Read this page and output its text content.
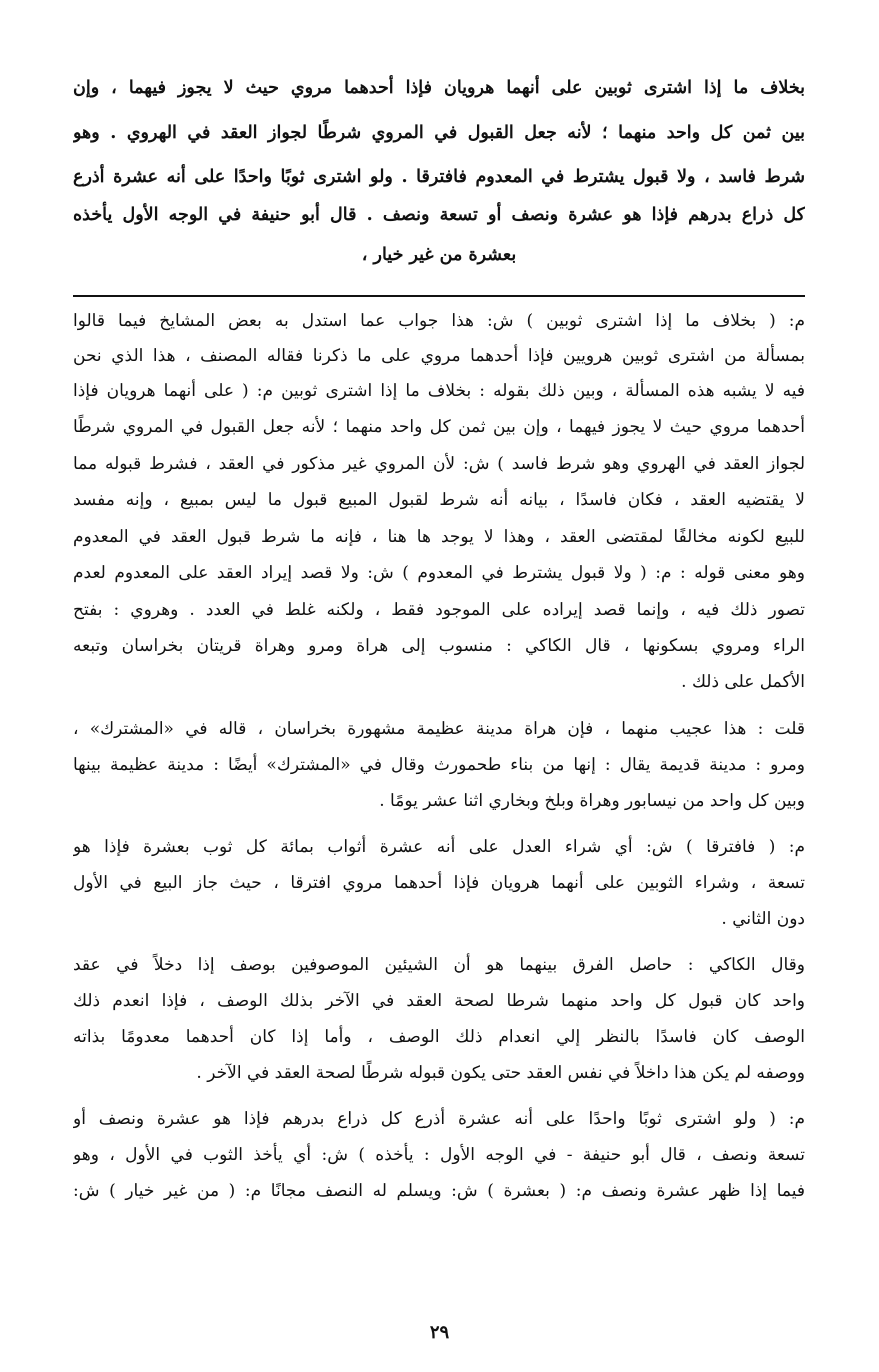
بخلاف ما إذا اشترى ثوبين على أنهما هرويان فإذا أحدهما مروي حيث لا يجوز فيهما ، وإن
بين ثمن كل واحد منهما ؛ لأنه جعل القبول في المروي شرطًا لجواز العقد في الهروي . وهو
شرط فاسد ، ولا قبول يشترط في المعدوم فافترقا . ولو اشترى ثوبًا واحدًا على أنه عشرة أذرع
كل ذراع بدرهم فإذا هو عشرة ونصف أو تسعة ونصف . قال أبو حنيفة في الوجه الأول يأخذه
بعشرة من غير خيار ،
م: ( بخلاف ما إذا اشترى ثوبين ) ش: هذا جواب عما استدل به بعض المشايخ فيما قالوا
بمسألة من اشترى ثوبين هرويين فإذا أحدهما مروي على ما ذكرنا فقاله المصنف ، هذا الذي نحن
فيه لا يشبه هذه المسألة ، وبين ذلك بقوله : بخلاف ما إذا اشترى ثوبين م: ( على أنهما هرويان فإذا
أحدهما مروي حيث لا يجوز فيهما ، وإن بين ثمن كل واحد منهما ؛ لأنه جعل القبول في المروي شرطًا
لجواز العقد في الهروي وهو شرط فاسد ) ش: لأن المروي غير مذكور في العقد ، فشرط قبوله مما
لا يقتضيه العقد ، فكان فاسدًا ، بيانه أنه شرط لقبول المبيع قبول ما ليس بمبيع ، وإنه مفسد
للبيع لكونه مخالفًا لمقتضى العقد ، وهذا لا يوجد ها هنا ، فإنه ما شرط قبول العقد في المعدوم
وهو معنى قوله : م: ( ولا قبول يشترط في المعدوم ) ش: ولا قصد إيراد العقد على المعدوم لعدم
تصور ذلك فيه ، وإنما قصد إيراده على الموجود فقط ، ولكنه غلط في العدد . وهروي : بفتح
الراء ومروي بسكونها ، قال الكاكي : منسوب إلى هراة ومرو وهراة قريتان بخراسان وتبعه
الأكمل على ذلك .
قلت : هذا عجيب منهما ، فإن هراة مدينة عظيمة مشهورة بخراسان ، قاله في «المشترك» ،
ومرو : مدينة قديمة يقال : إنها من بناء طحمورث وقال في «المشترك» أيضًا : مدينة عظيمة بينها
وبين كل واحد من نيسابور وهراة وبلخ وبخاري اثنا عشر يومًا .
م: ( فافترقا ) ش: أي شراء العدل على أنه عشرة أثواب بمائة كل ثوب بعشرة فإذا هو
تسعة ، وشراء الثوبين على أنهما هرويان فإذا أحدهما مروي افترقا ، حيث جاز البيع في الأول
دون الثاني .
وقال الكاكي : حاصل الفرق بينهما هو أن الشيئين الموصوفين بوصف إذا دخلاً في عقد
واحد كان قبول كل واحد منهما شرطا لصحة العقد في الآخر بذلك الوصف ، فإذا انعدم ذلك
الوصف كان فاسدًا بالنظر إلي انعدام ذلك الوصف ، وأما إذا كان أحدهما معدومًا بذاته
ووصفه لم يكن هذا داخلاً في نفس العقد حتى يكون قبوله شرطًا لصحة العقد في الآخر .
م: ( ولو اشترى ثوبًا واحدًا على أنه عشرة أذرع كل ذراع بدرهم فإذا هو عشرة ونصف أو
تسعة ونصف ، قال أبو حنيفة - في الوجه الأول : يأخذه ) ش: أي يأخذ الثوب في الأول ، وهو
فيما إذا ظهر عشرة ونصف م: ( بعشرة ) ش: ويسلم له النصف مجانًا م: ( من غير خيار ) ش:
٢٩
